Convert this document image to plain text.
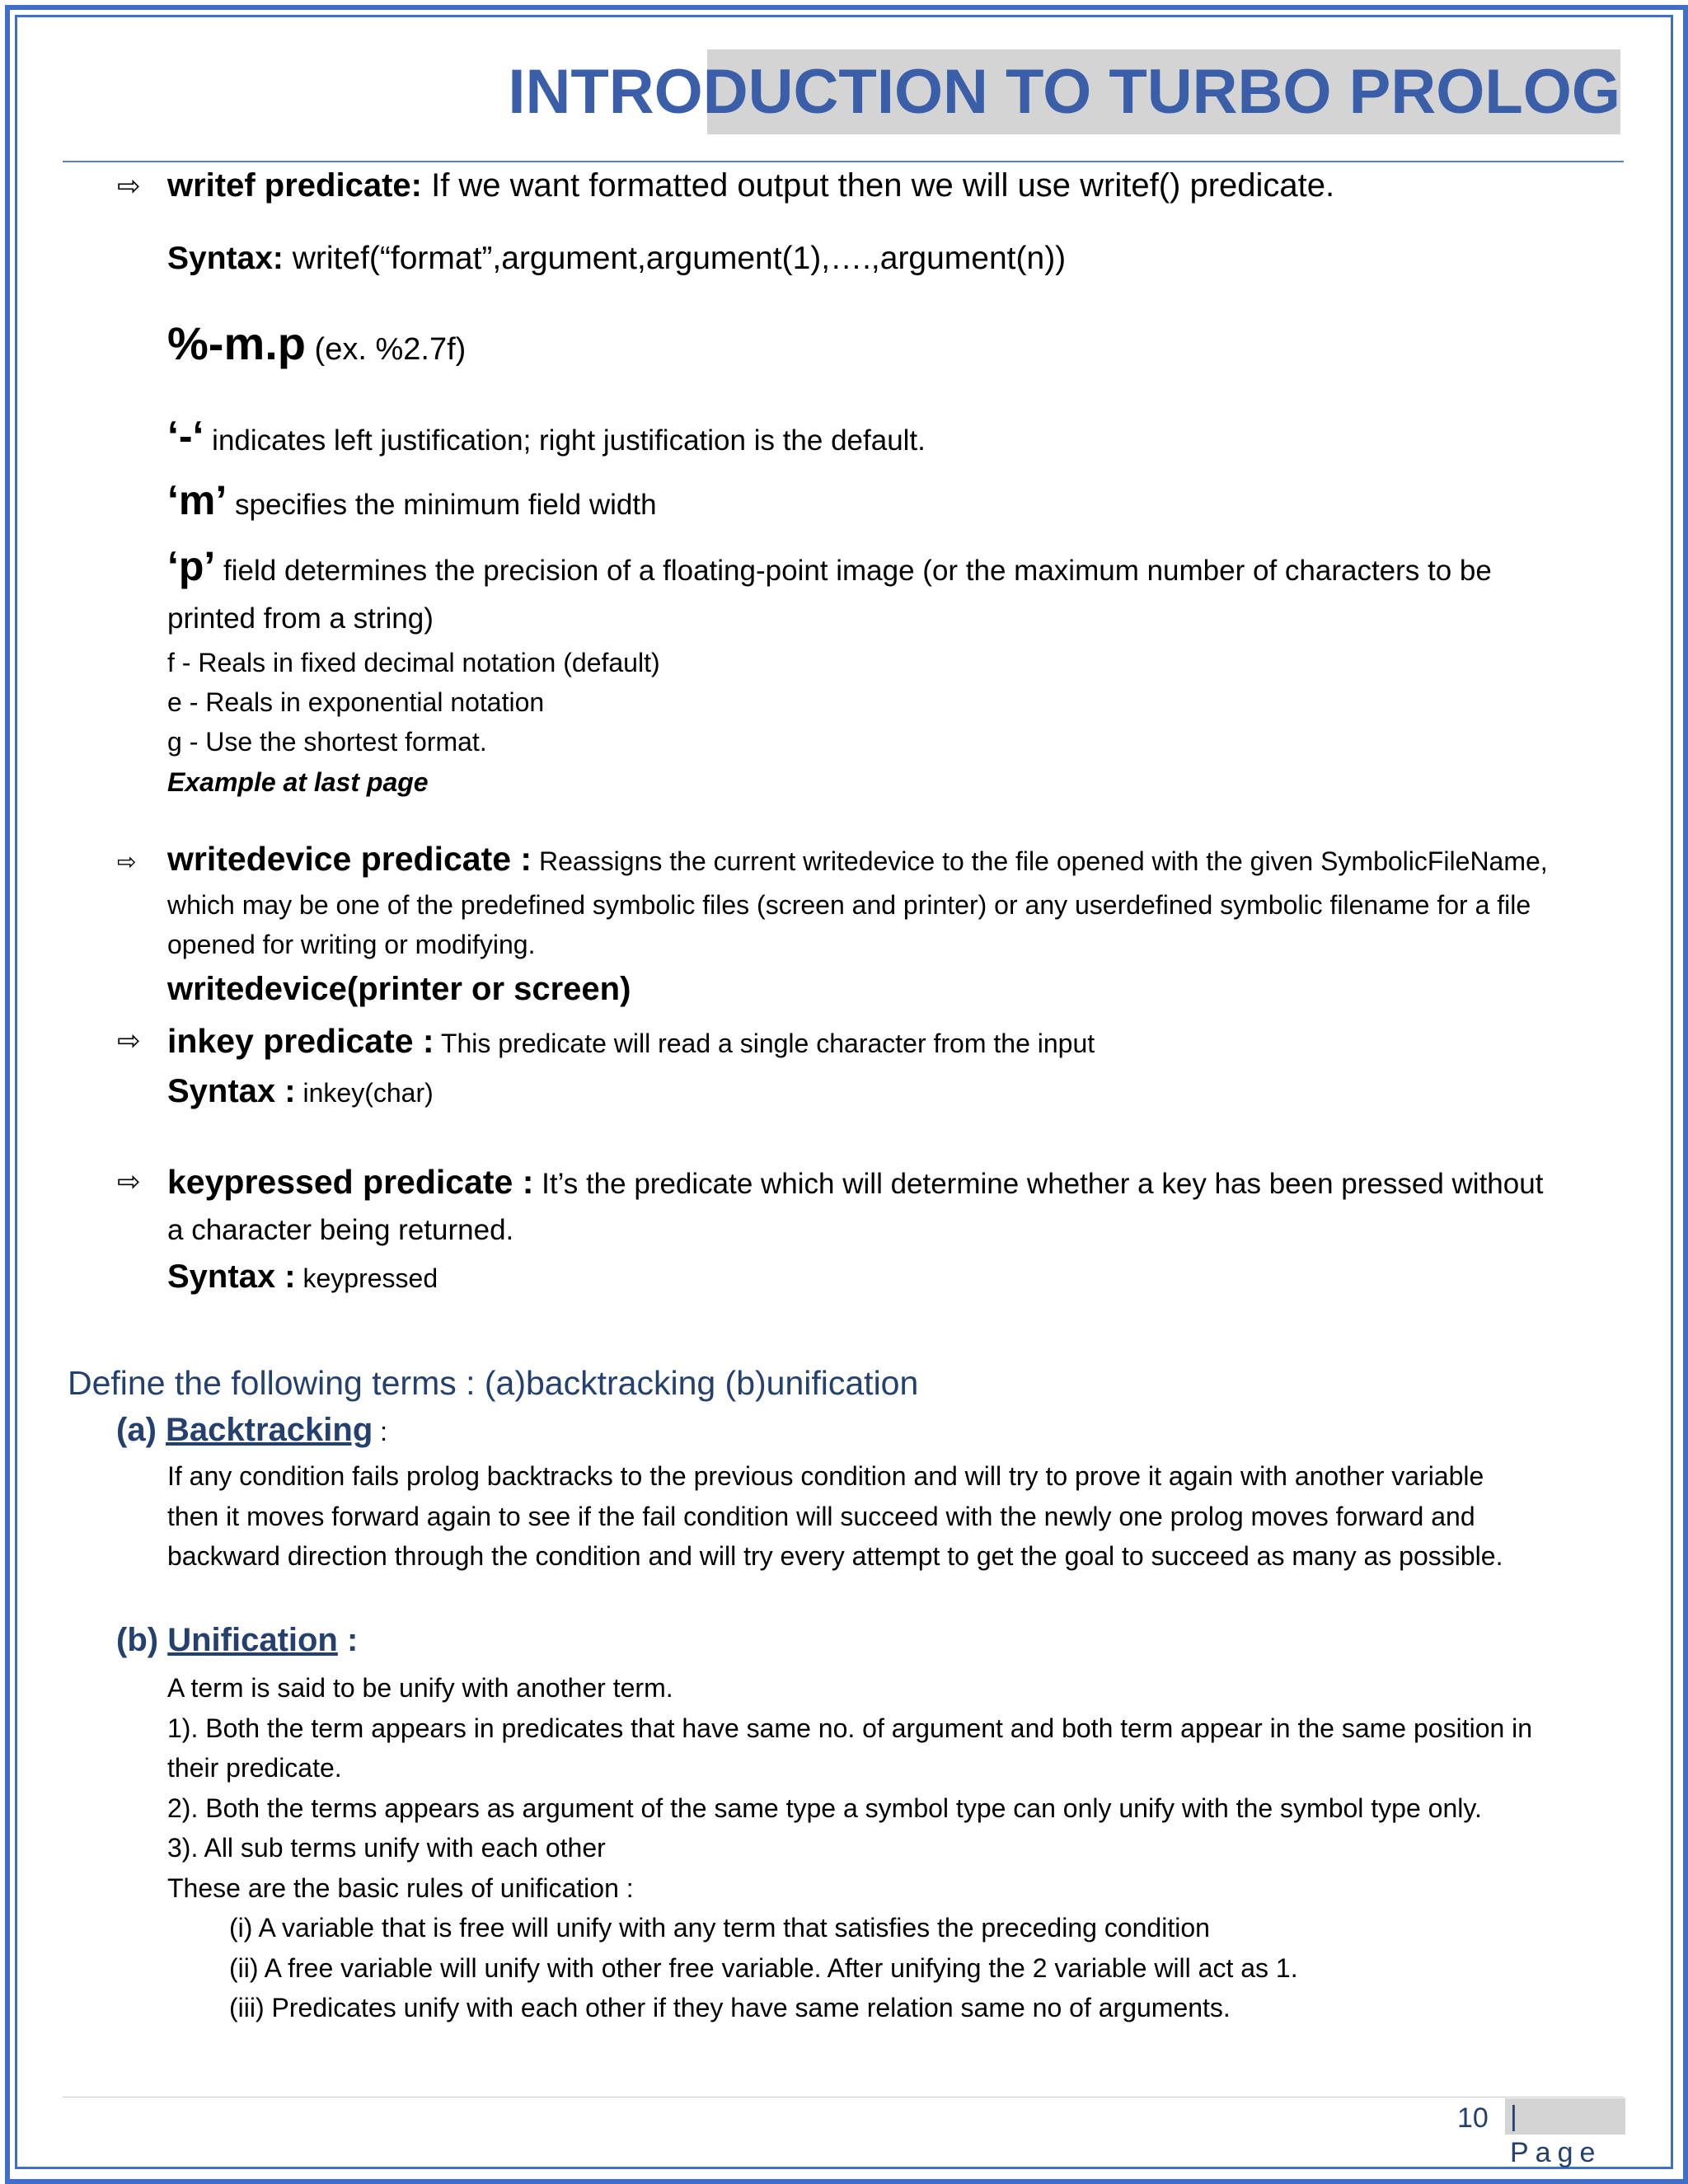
INTRODUCTION TO TURBO PROLOG
⇨ writef predicate: If we want formatted output then we will use writef() predicate.
Syntax: writef(“format”,argument,argument(1),….,argument(n))
%-m.p (ex. %2.7f)
‘-‘ indicates left justification; right justification is the default.
‘m’ specifies the minimum field width
‘p’ field determines the precision of a floating-point image (or the maximum number of characters to be
printed from a string)
f - Reals in fixed decimal notation (default)
e - Reals in exponential notation
g - Use the shortest format.
Example at last page
⇨ writedevice predicate : Reassigns the current writedevice to the file opened with the given SymbolicFileName,
which may be one of the predefined symbolic files (screen and printer) or any userdefined symbolic filename for a file
opened for writing or modifying.
writedevice(printer or screen)
⇨ inkey predicate : This predicate will read a single character from the input
Syntax : inkey(char)
⇨ keypressed predicate : It’s the predicate which will determine whether a key has been pressed without
a character being returned.
Syntax : keypressed
Define the following terms : (a)backtracking (b)unification
(a) Backtracking :
If any condition fails prolog backtracks to the previous condition and will try to prove it again with another variable
then it moves forward again to see if the fail condition will succeed with the newly one prolog moves forward and
backward direction through the condition and will try every attempt to get the goal to succeed as many as possible.
(b) Unification :
A term is said to be unify with another term.
1). Both the term appears in predicates that have same no. of argument and both term appear in the same position in
their predicate.
2). Both the terms appears as argument of the same type a symbol type can only unify with the symbol type only.
3). All sub terms unify with each other
These are the basic rules of unification :
(i) A variable that is free will unify with any term that satisfies the preceding condition
(ii) A free variable will unify with other free variable. After unifying the 2 variable will act as 1.
(iii) Predicates unify with each other if they have same relation same no of arguments.
10 | Page
